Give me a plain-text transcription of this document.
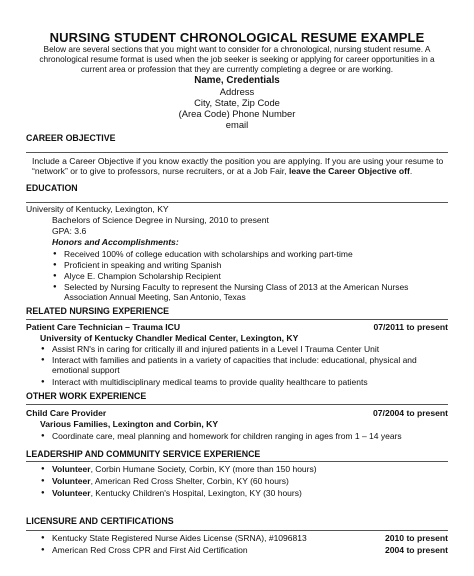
NURSING STUDENT CHRONOLOGICAL RESUME EXAMPLE
Below are several sections that you might want to consider for a chronological, nursing student resume. A chronological resume format is used when the job seeker is seeking or applying for career opportunities in a current area or profession that they are currently completing a degree or are working.
Name, Credentials
Address
City, State, Zip Code
(Area Code) Phone Number
email
CAREER OBJECTIVE
Include a Career Objective if you know exactly the position you are applying. If you are using your resume to “network” or to give to professors, nurse recruiters, or at a Job Fair, leave the Career Objective off.
EDUCATION
University of Kentucky, Lexington, KY
Bachelors of Science Degree in Nursing, 2010 to present
GPA: 3.6
Honors and Accomplishments:
● Received 100% of college education with scholarships and working part-time
● Proficient in speaking and writing Spanish
● Alyce E. Champion Scholarship Recipient
● Selected by Nursing Faculty to represent the Nursing Class of 2013 at the American Nurses Association Annual Meeting, San Antonio, Texas
RELATED NURSING EXPERIENCE
Patient Care Technician – Trauma ICU	07/2011 to present
University of Kentucky Chandler Medical Center, Lexington, KY
● Assist RN's in caring for critically ill and injured patients in a Level I Trauma Center Unit
● Interact with families and patients in a variety of capacities that include: educational, physical and emotional support
● Interact with multidisciplinary medical teams to provide quality healthcare to patients
OTHER WORK EXPERIENCE
Child Care Provider	07/2004 to present
Various Families, Lexington and Corbin, KY
● Coordinate care, meal planning and homework for children ranging in ages from 1 – 14 years
LEADERSHIP AND COMMUNITY SERVICE EXPERIENCE
● Volunteer, Corbin Humane Society, Corbin, KY (more than 150 hours)
● Volunteer, American Red Cross Shelter, Corbin, KY (60 hours)
● Volunteer, Kentucky Children's Hospital, Lexington, KY (30 hours)
LICENSURE AND CERTIFICATIONS
● Kentucky State Registered Nurse Aides License (SRNA), #1096813	2010 to present
● American Red Cross CPR and First Aid Certification	2004 to present
